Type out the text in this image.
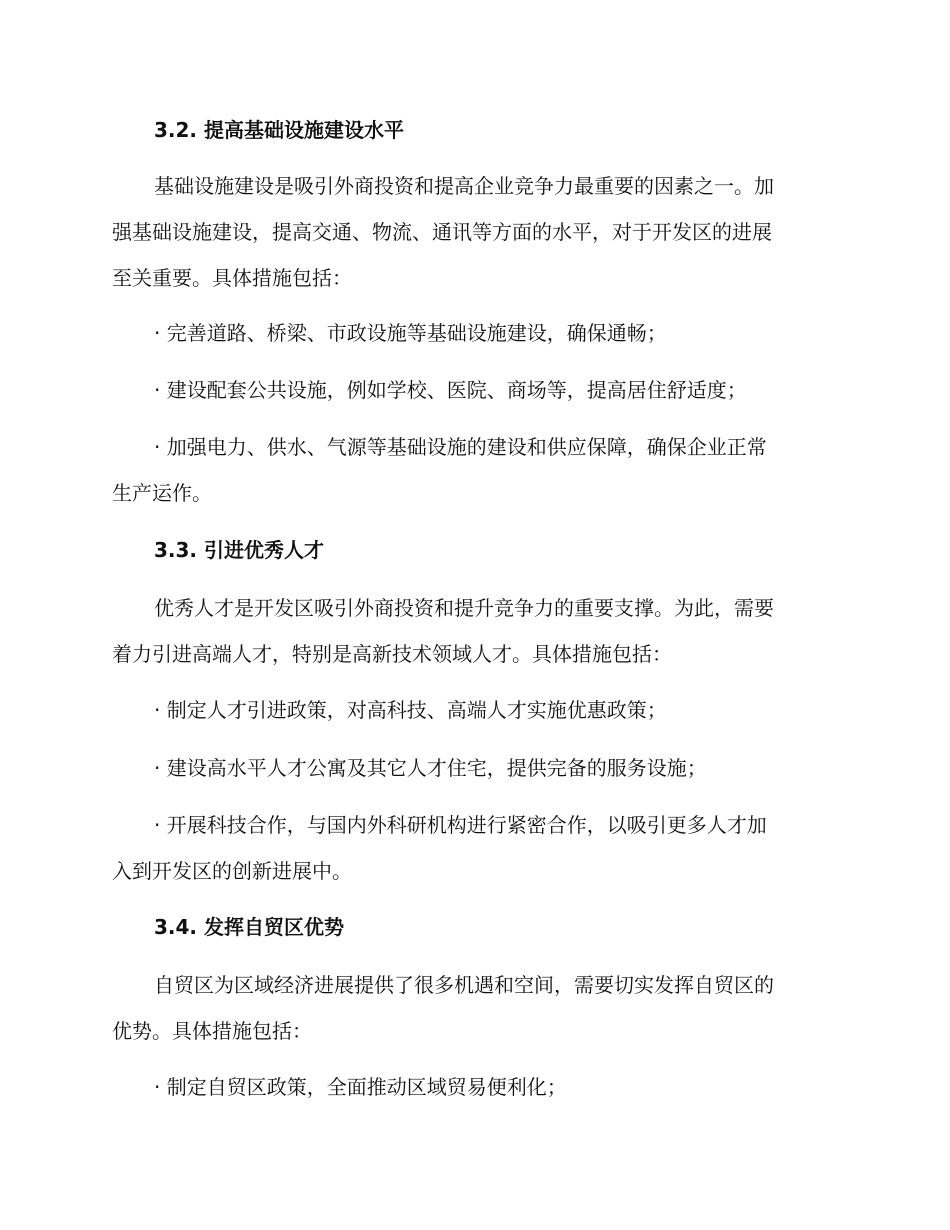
3.2. 提高基础设施建设水平
基础设施建设是吸引外商投资和提高企业竞争力最重要的因素之一。加
强基础设施建设，提高交通、物流、通讯等方面的水平，对于开发区的进展
至关重要。具体措施包括：
· 完善道路、桥梁、市政设施等基础设施建设，确保通畅；
· 建设配套公共设施，例如学校、医院、商场等，提高居住舒适度；
· 加强电力、供水、气源等基础设施的建设和供应保障，确保企业正常
生产运作。
3.3. 引进优秀人才
优秀人才是开发区吸引外商投资和提升竞争力的重要支撑。为此，需要
着力引进高端人才，特别是高新技术领域人才。具体措施包括：
· 制定人才引进政策，对高科技、高端人才实施优惠政策；
· 建设高水平人才公寓及其它人才住宅，提供完备的服务设施；
· 开展科技合作，与国内外科研机构进行紧密合作，以吸引更多人才加
入到开发区的创新进展中。
3.4. 发挥自贸区优势
自贸区为区域经济进展提供了很多机遇和空间，需要切实发挥自贸区的
优势。具体措施包括：
· 制定自贸区政策，全面推动区域贸易便利化；
